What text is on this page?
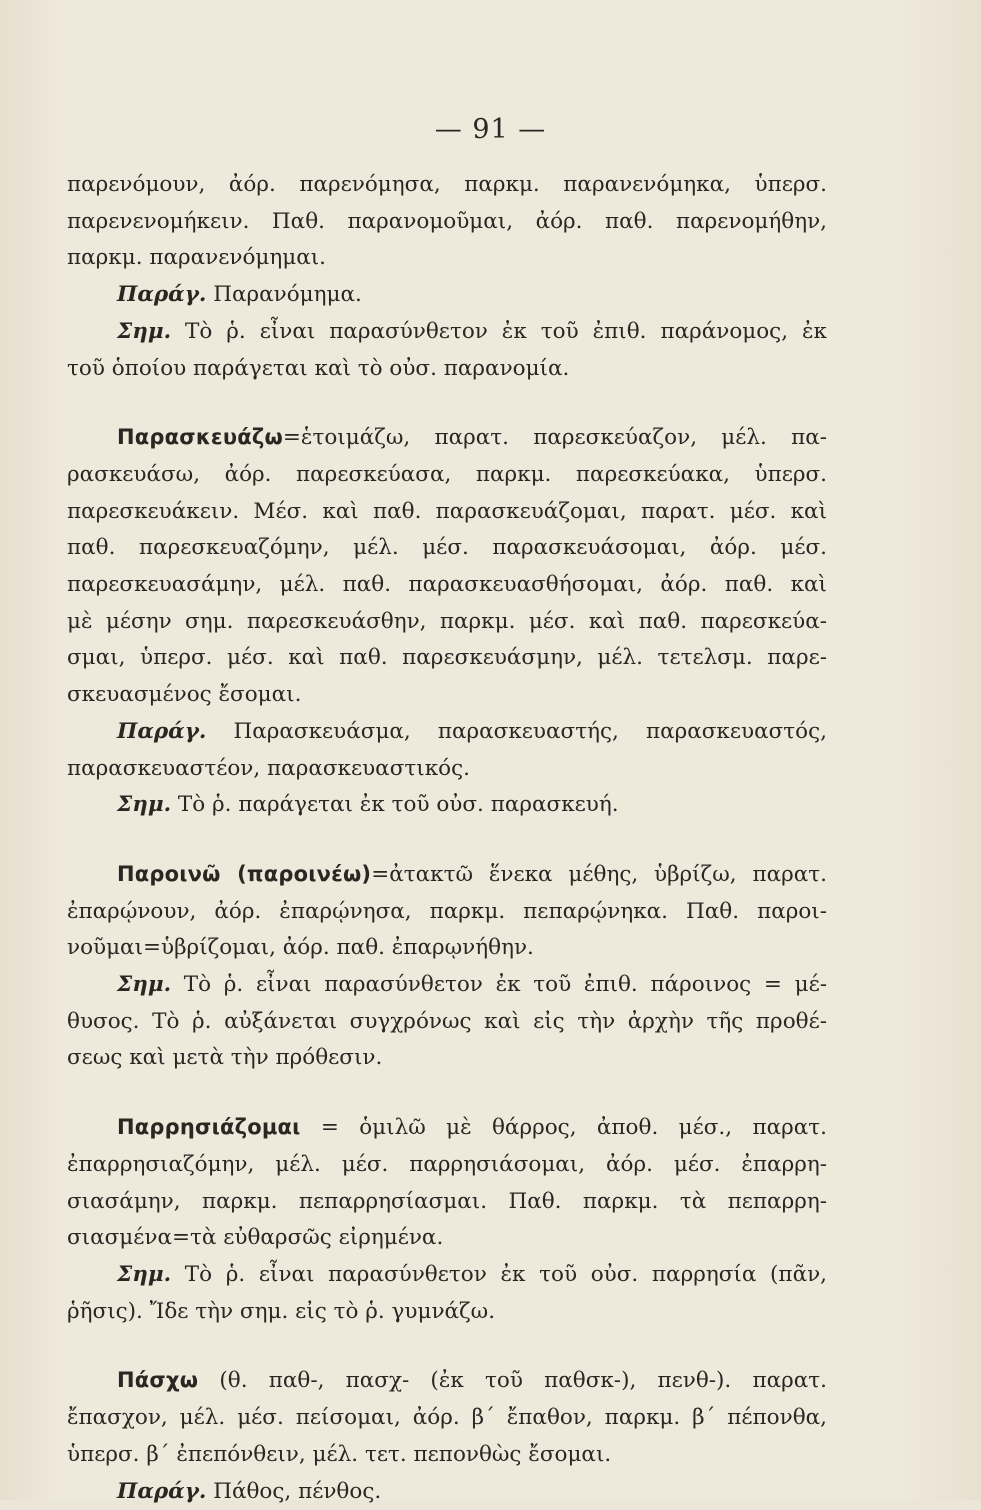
— 91 —
παρενόμουν, ἀόρ. παρενόμησα, παρκμ. παρανενόμηκα, ὑπερσ.
παρενενομήκειν. Παθ. παρανομοῦμαι, ἀόρ. παθ. παρενομήθην,
παρκμ. παρανενόμημαι.
Παράγ. Παρανόμημα.
Σημ. Τὸ ῥ. εἶναι παρασύνθετον ἐκ τοῦ ἐπιθ. παράνομος, ἐκ
τοῦ ὁποίου παράγεται καὶ τὸ οὐσ. παρανομία.
Παρασκευάζω=ἑτοιμάζω, παρατ. παρεσκεύαζον, μέλ. πα-
ρασκευάσω, ἀόρ. παρεσκεύασα, παρκμ. παρεσκεύακα, ὑπερσ.
παρεσκευάκειν. Μέσ. καὶ παθ. παρασκευάζομαι, παρατ. μέσ. καὶ
παθ. παρεσκευαζόμην, μέλ. μέσ. παρασκευάσομαι, ἀόρ. μέσ.
παρεσκευασάμην, μέλ. παθ. παρασκευασθήσομαι, ἀόρ. παθ. καὶ
μὲ μέσην σημ. παρεσκευάσθην, παρκμ. μέσ. καὶ παθ. παρεσκεύα-
σμαι, ὑπερσ. μέσ. καὶ παθ. παρεσκευάσμην, μέλ. τετελσμ. παρε-
σκευασμένος ἔσομαι.
Παράγ. Παρασκευάσμα, παρασκευαστής, παρασκευαστός,
παρασκευαστέον, παρασκευαστικός.
Σημ. Τὸ ῥ. παράγεται ἐκ τοῦ οὐσ. παρασκευή.
Παροινῶ (παροινέω)=ἀτακτῶ ἕνεκα μέθης, ὑβρίζω, παρατ.
ἐπαρῴνουν, ἀόρ. ἐπαρῴνησα, παρκμ. πεπαρῴνηκα. Παθ. παροι-
νοῦμαι=ὑβρίζομαι, ἀόρ. παθ. ἐπαρῳνήθην.
Σημ. Τὸ ῥ. εἶναι παρασύνθετον ἐκ τοῦ ἐπιθ. πάροινος = μέ-
θυσος. Τὸ ῥ. αὐξάνεται συγχρόνως καὶ εἰς τὴν ἀρχὴν τῆς προθέ-
σεως καὶ μετὰ τὴν πρόθεσιν.
Παρρησιάζομαι = ὁμιλῶ μὲ θάρρος, ἀποθ. μέσ., παρατ.
ἐπαρρησιαζόμην, μέλ. μέσ. παρρησιάσομαι, ἀόρ. μέσ. ἐπαρρη-
σιασάμην, παρκμ. πεπαρρησίασμαι. Παθ. παρκμ. τὰ πεπαρρη-
σιασμένα=τὰ εὐθαρσῶς εἰρημένα.
Σημ. Τὸ ῥ. εἶναι παρασύνθετον ἐκ τοῦ οὐσ. παρρησία (πᾶν,
ῥῆσις). Ἴδε τὴν σημ. εἰς τὸ ῥ. γυμνάζω.
Πάσχω (θ. παθ-, πασχ- (ἐκ τοῦ παθσκ-), πενθ-). παρατ.
ἔπασχον, μέλ. μέσ. πείσομαι, ἀόρ. β΄ ἔπαθον, παρκμ. β΄ πέπονθα,
ὑπερσ. β΄ ἐπεπόνθειν, μέλ. τετ. πεπονθὼς ἔσομαι.
Παράγ. Πάθος, πένθος.
